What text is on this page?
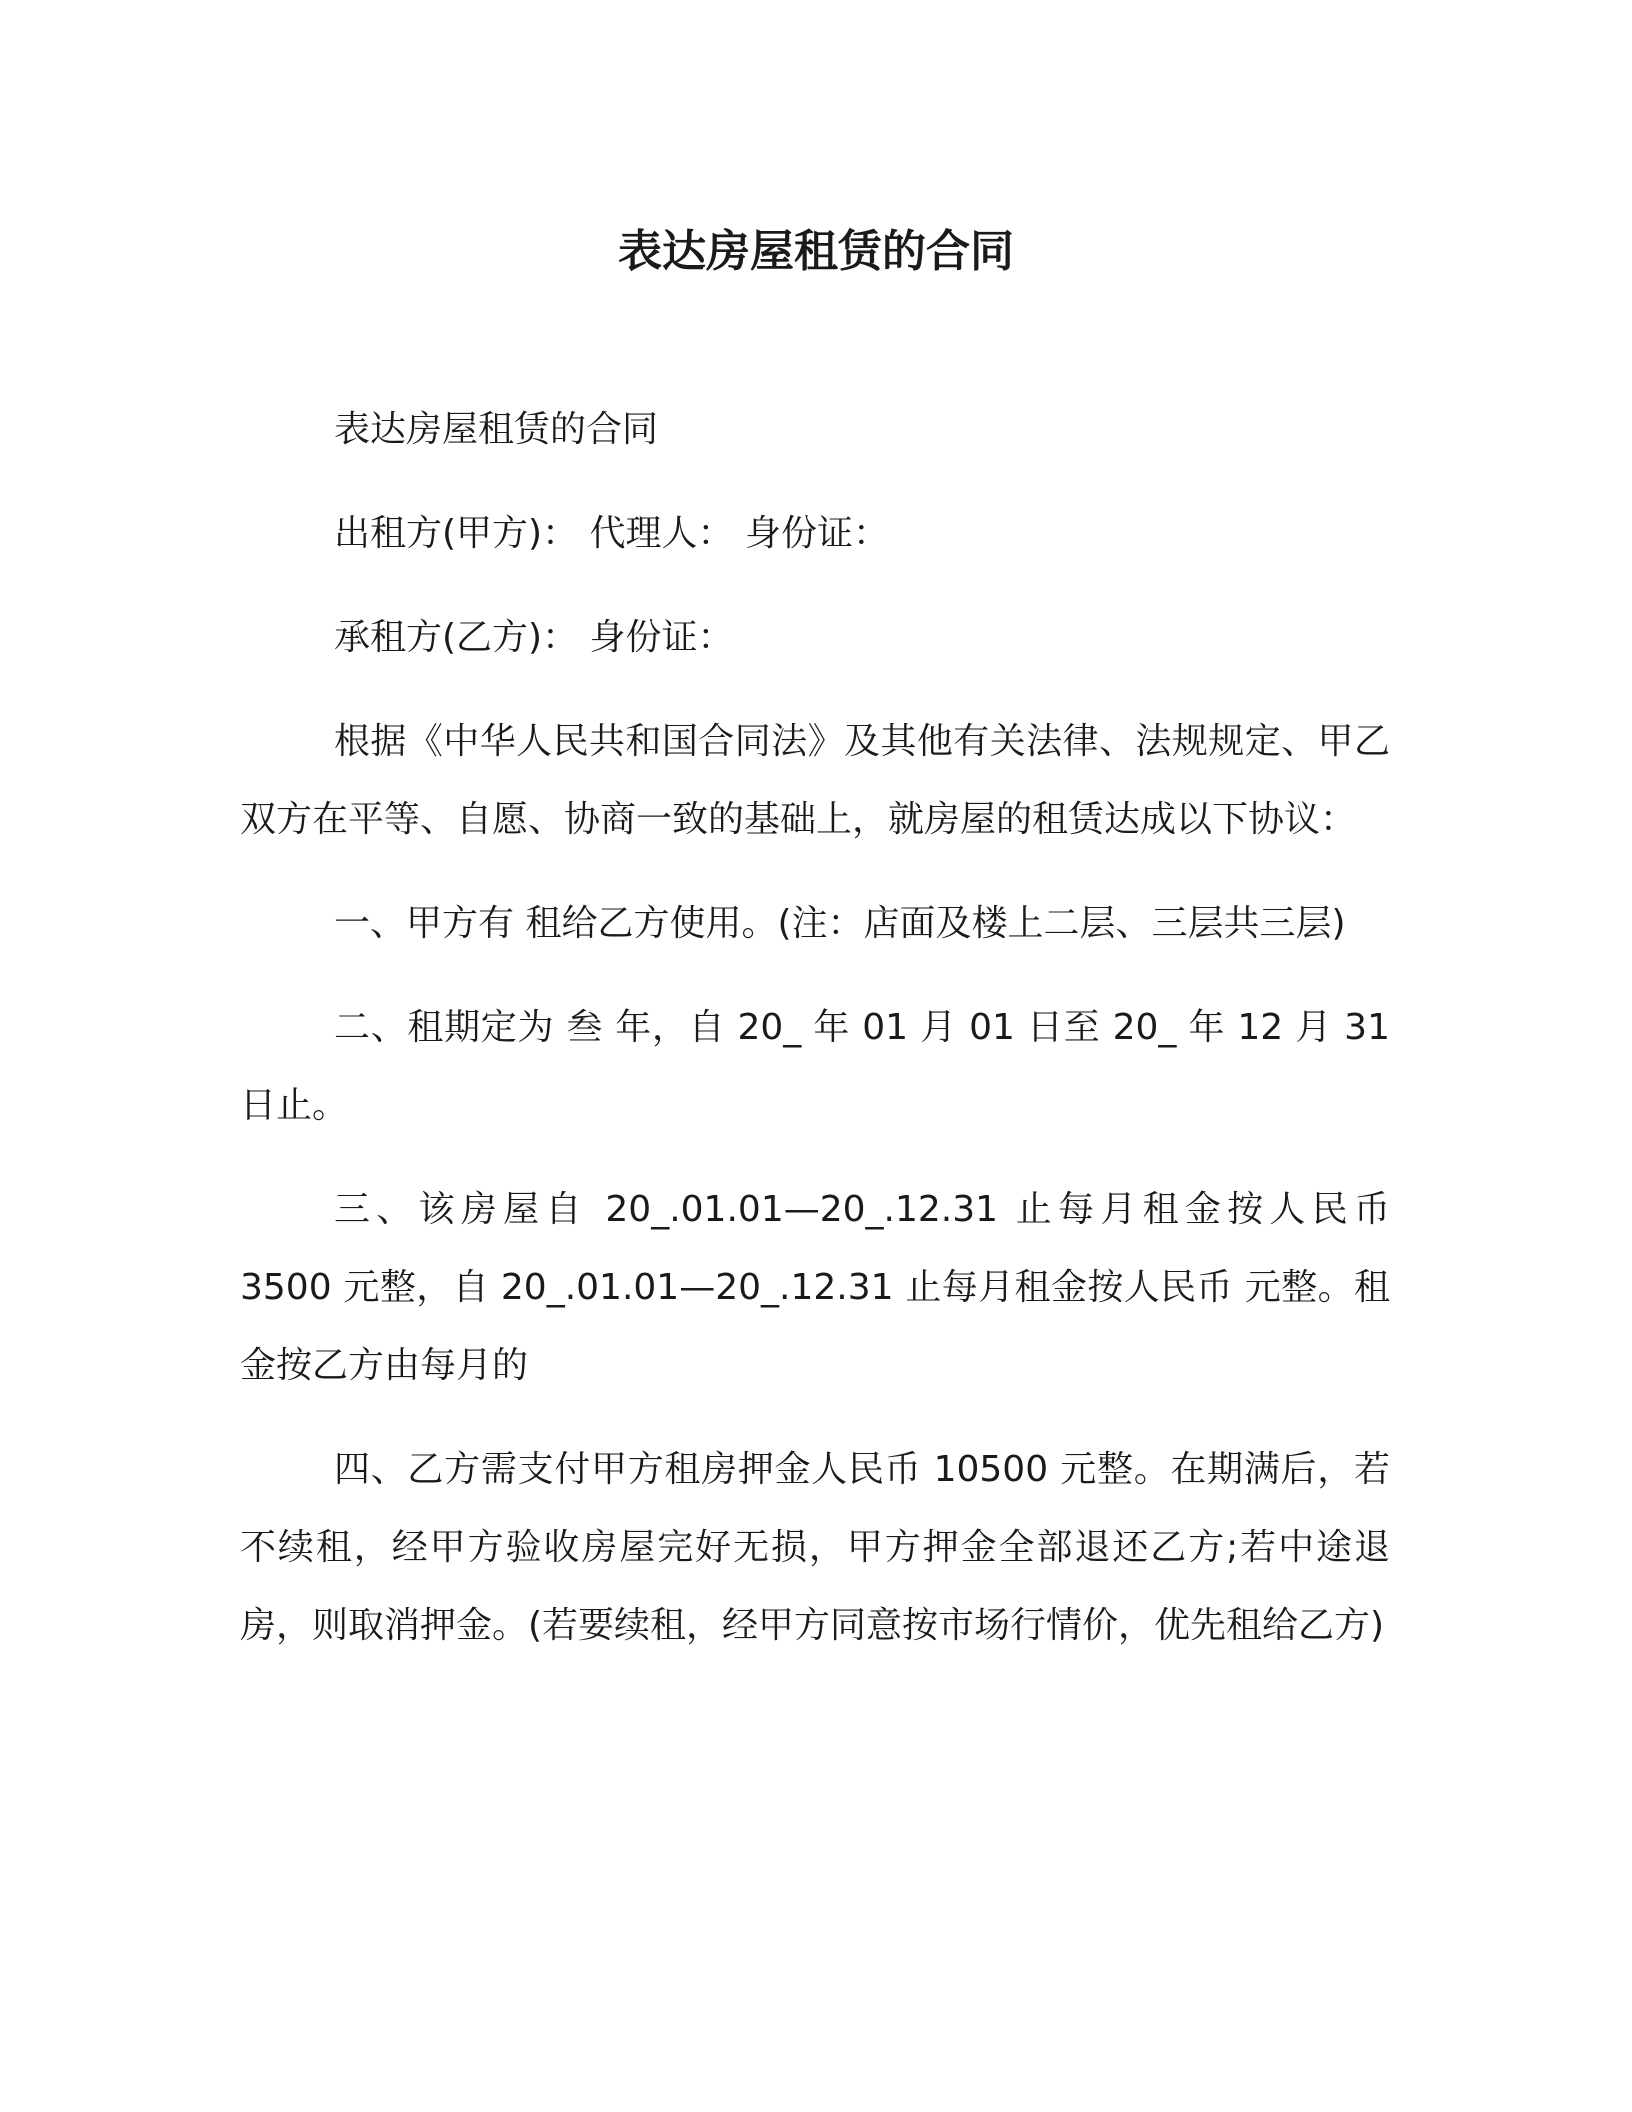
表达房屋租赁的合同

表达房屋租赁的合同

出租方(甲方)： 代理人： 身份证：

承租方(乙方)： 身份证：

根据《中华人民共和国合同法》及其他有关法律、法规规定、甲乙双方在平等、自愿、协商一致的基础上，就房屋的租赁达成以下协议：

一、甲方有 租给乙方使用。(注：店面及楼上二层、三层共三层)

二、租期定为 叁 年，自 20_ 年 01 月 01 日至 20_ 年 12 月 31 日止。

三、该房屋自 20_.01.01—20_.12.31 止每月租金按人民币 3500 元整，自 20_.01.01—20_.12.31 止每月租金按人民币 元整。租金按乙方由每月的

四、乙方需支付甲方租房押金人民币 10500 元整。在期满后，若不续租，经甲方验收房屋完好无损，甲方押金全部退还乙方;若中途退房，则取消押金。(若要续租，经甲方同意按市场行情价，优先租给乙方)
